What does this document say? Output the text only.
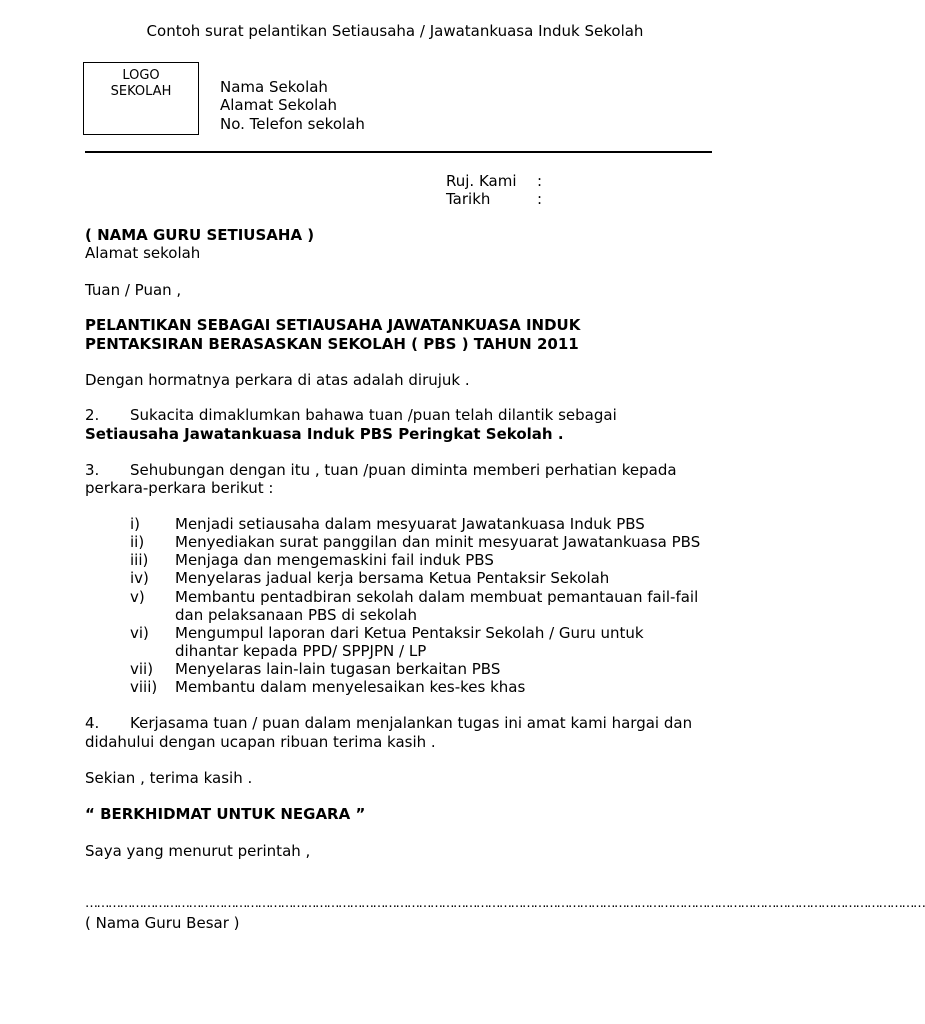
Contoh surat pelantikan Setiausaha / Jawatankuasa Induk Sekolah
LOGO
SEKOLAH	Nama Sekolah
Alamat Sekolah
No. Telefon sekolah
Ruj. Kami :
Tarikh	:
( NAMA GURU SETIUSAHA )
Alamat sekolah
Tuan / Puan ,
PELANTIKAN SEBAGAI SETIAUSAHA JAWATANKUASA INDUK
PENTAKSIRAN BERASASKAN SEKOLAH ( PBS ) TAHUN 2011
Dengan hormatnya perkara di atas adalah dirujuk .
2. Sukacita dimaklumkan bahawa tuan /puan telah dilantik sebagai
Setiausaha Jawatankuasa Induk PBS Peringkat Sekolah .
3. Sehubungan dengan itu , tuan /puan diminta memberi perhatian kepada
perkara-perkara berikut :
i) Menjadi setiausaha dalam mesyuarat Jawatankuasa Induk PBS
ii) Menyediakan surat panggilan dan minit mesyuarat Jawatankuasa PBS
iii) Menjaga dan mengemaskini fail induk PBS
iv) Menyelaras jadual kerja bersama Ketua Pentaksir Sekolah
v) Membantu pentadbiran sekolah dalam membuat pemantauan fail-fail
dan pelaksanaan PBS di sekolah
vi) Mengumpul laporan dari Ketua Pentaksir Sekolah / Guru untuk
dihantar kepada PPD/ SPPJPN / LP
vii) Menyelaras lain-lain tugasan berkaitan PBS
viii) Membantu dalam menyelesaikan kes-kes khas
4. Kerjasama tuan / puan dalam menjalankan tugas ini amat kami hargai dan
didahului dengan ucapan ribuan terima kasih .
Sekian , terima kasih .
“ BERKHIDMAT UNTUK NEGARA ”
Saya yang menurut perintah ,
…………………………………………………………………………………………………………………………………………………………………………………………………
( Nama Guru Besar )
